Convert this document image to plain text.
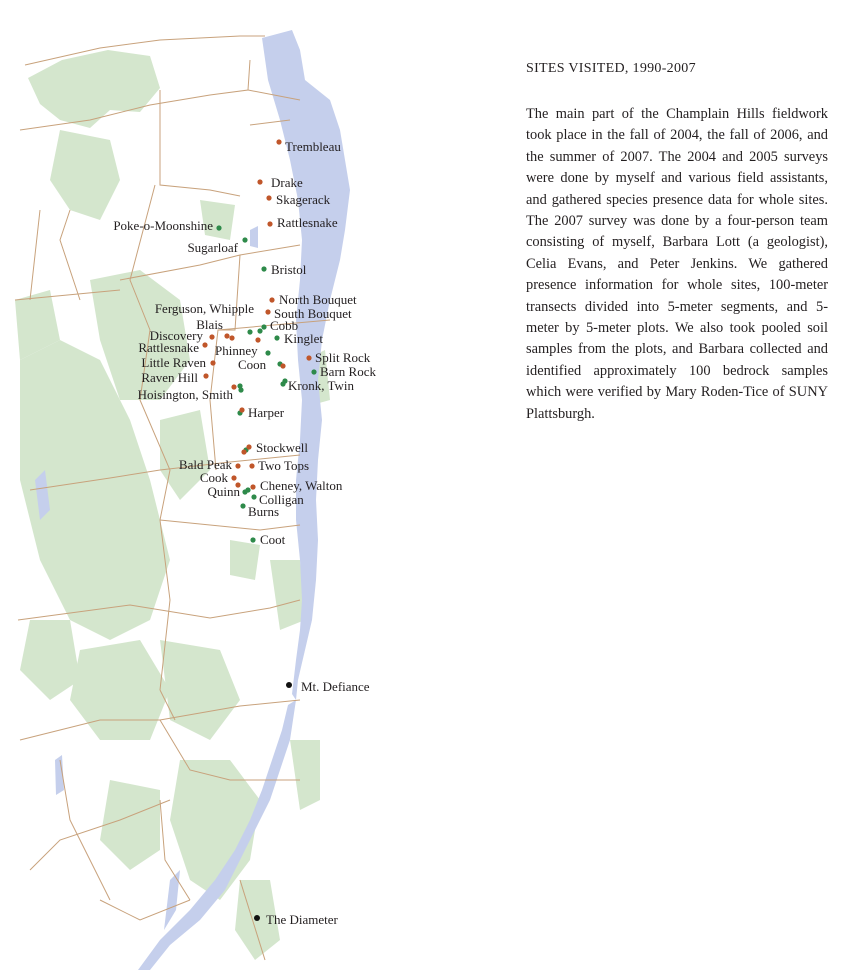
Trembleau
Drake
Skagerack
Rattlesnake
Poke-o-Moonshine
Sugarloaf
Bristol
North Bouquet
Ferguson, Whipple South Bouquet
Blais	Cobb
Discovery	Kinglet
Rattlesnake Phinney	Split Rock
Little Raven Coon	Barn Rock
Raven Hill
Kronk, Twin
Hoisington, Smith
Harper
Stockwell
Bald Peak Two Tops
Cook
Cheney, Walton
Quinn
Colligan
Burns
Coot
Mt. Defiance
The Diameter
SITES VISITED, 1990-2007
The main part of the Champlain Hills fieldwork took place in the fall of 2004, the fall of 2006, and the summer of 2007. The 2004 and 2005 surveys were done by myself and various field assistants, and gathered species presence data for whole sites. The 2007 survey was done by a four-person team consisting of myself, Barbara Lott (a geologist), Celia Evans, and Peter Jenkins. We gathered presence information for whole sites, 100-meter transects divided into 5-meter segments, and 5-meter by 5-meter plots. We also took pooled soil samples from the plots, and Barbara collected and identified approximately 100 bedrock samples which were verified by Mary Roden-Tice of SUNY Plattsburgh.
